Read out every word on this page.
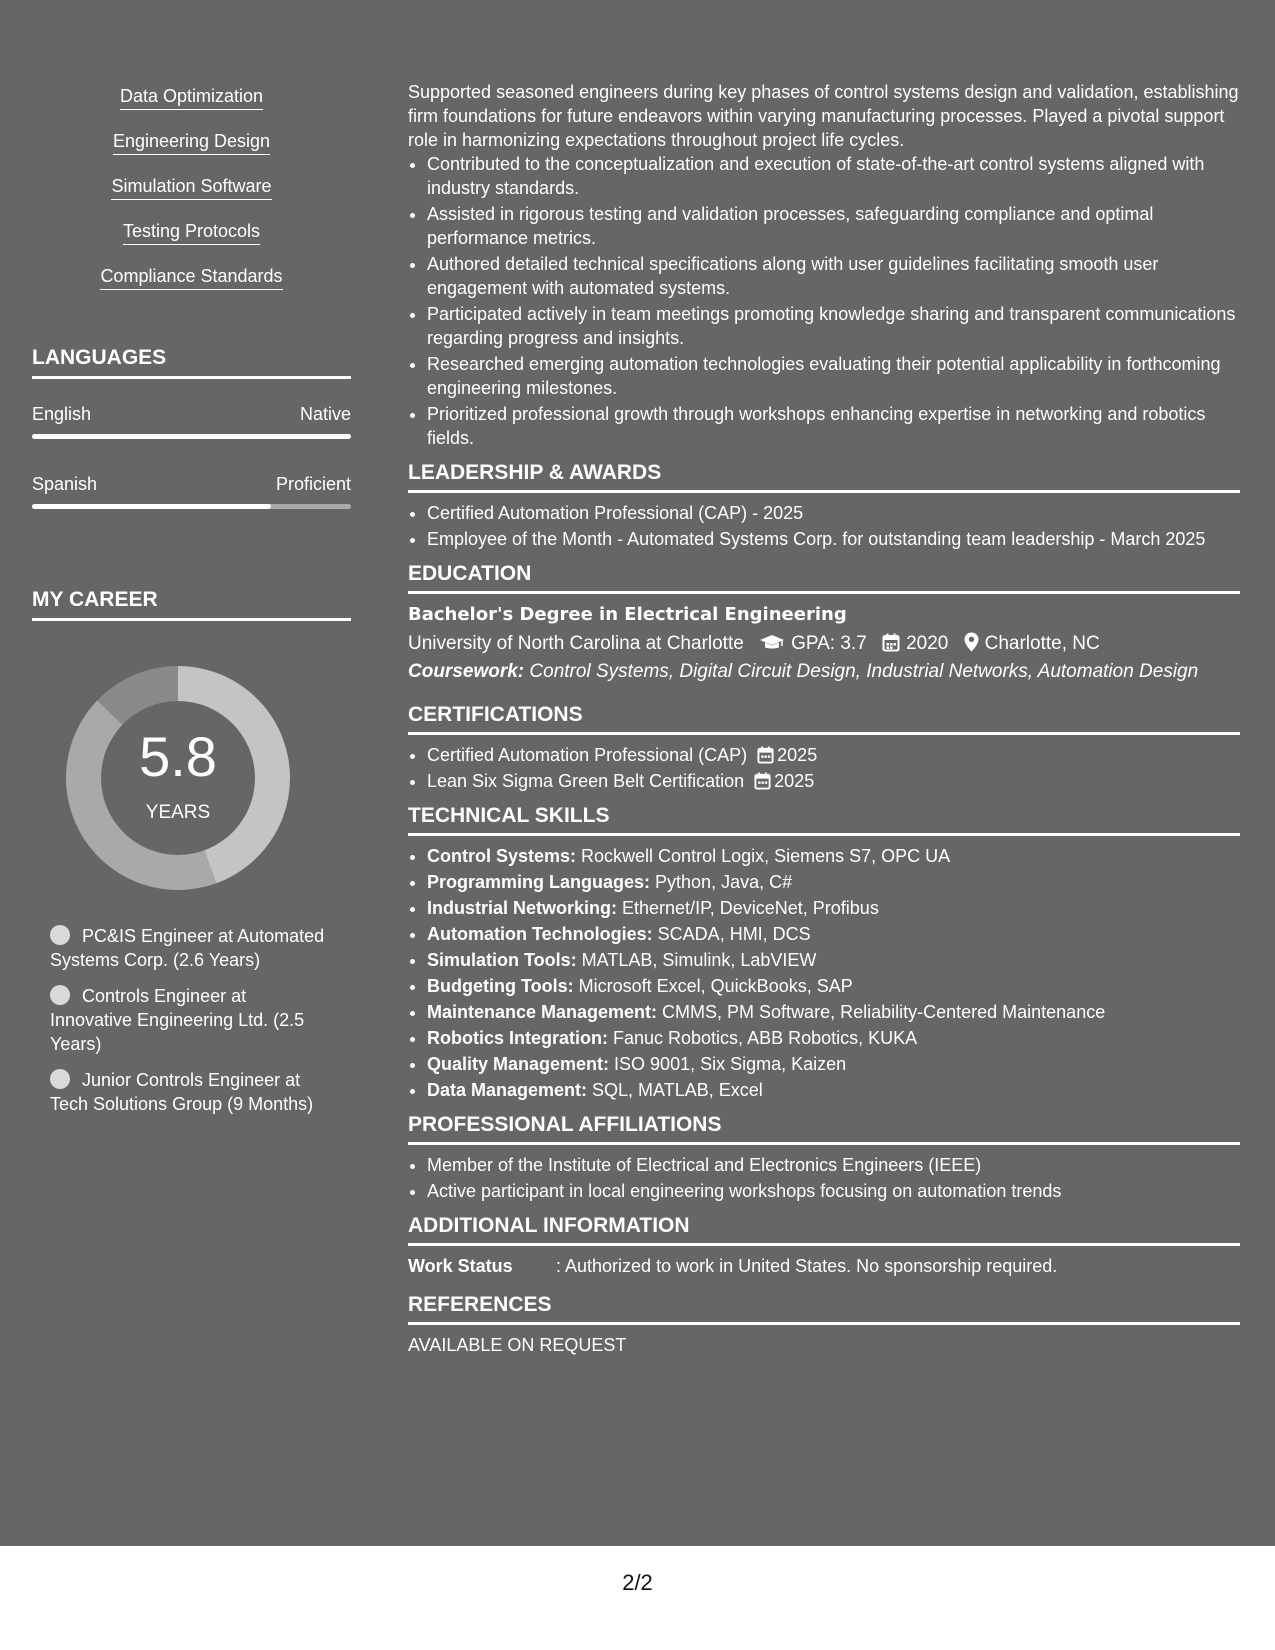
Data Optimization
Engineering Design
Simulation Software
Testing Protocols
Compliance Standards
LANGUAGES
English	Native
Spanish	Proficient
MY CAREER
5.8
YEARS
PC&IS Engineer at Automated Systems Corp. (2.6 Years)
Controls Engineer at Innovative Engineering Ltd. (2.5 Years)
Junior Controls Engineer at Tech Solutions Group (9 Months)

Supported seasoned engineers during key phases of control systems design and validation, establishing firm foundations for future endeavors within varying manufacturing processes. Played a pivotal support role in harmonizing expectations throughout project life cycles.

• Contributed to the conceptualization and execution of state-of-the-art control systems aligned with industry standards.
• Assisted in rigorous testing and validation processes, safeguarding compliance and optimal performance metrics.
• Authored detailed technical specifications along with user guidelines facilitating smooth user engagement with automated systems.
• Participated actively in team meetings promoting knowledge sharing and transparent communications regarding progress and insights.
• Researched emerging automation technologies evaluating their potential applicability in forthcoming engineering milestones.
• Prioritized professional growth through workshops enhancing expertise in networking and robotics fields.
LEADERSHIP & AWARDS
• Certified Automation Professional (CAP) - 2025
• Employee of the Month - Automated Systems Corp. for outstanding team leadership - March 2025
EDUCATION
Bachelor's Degree in Electrical Engineering
University of North Carolina at Charlotte GPA: 3.7 2020 Charlotte, NC
Coursework: Control Systems, Digital Circuit Design, Industrial Networks, Automation Design
CERTIFICATIONS
• Certified Automation Professional (CAP) 2025
• Lean Six Sigma Green Belt Certification 2025
TECHNICAL SKILLS
• Control Systems: Rockwell Control Logix, Siemens S7, OPC UA
• Programming Languages: Python, Java, C#
• Industrial Networking: Ethernet/IP, DeviceNet, Profibus
• Automation Technologies: SCADA, HMI, DCS
• Simulation Tools: MATLAB, Simulink, LabVIEW
• Budgeting Tools: Microsoft Excel, QuickBooks, SAP
• Maintenance Management: CMMS, PM Software, Reliability-Centered Maintenance
• Robotics Integration: Fanuc Robotics, ABB Robotics, KUKA
• Quality Management: ISO 9001, Six Sigma, Kaizen
• Data Management: SQL, MATLAB, Excel
PROFESSIONAL AFFILIATIONS
• Member of the Institute of Electrical and Electronics Engineers (IEEE)
• Active participant in local engineering workshops focusing on automation trends
ADDITIONAL INFORMATION
Work Status	: Authorized to work in United States. No sponsorship required.
REFERENCES
AVAILABLE ON REQUEST
2/2
